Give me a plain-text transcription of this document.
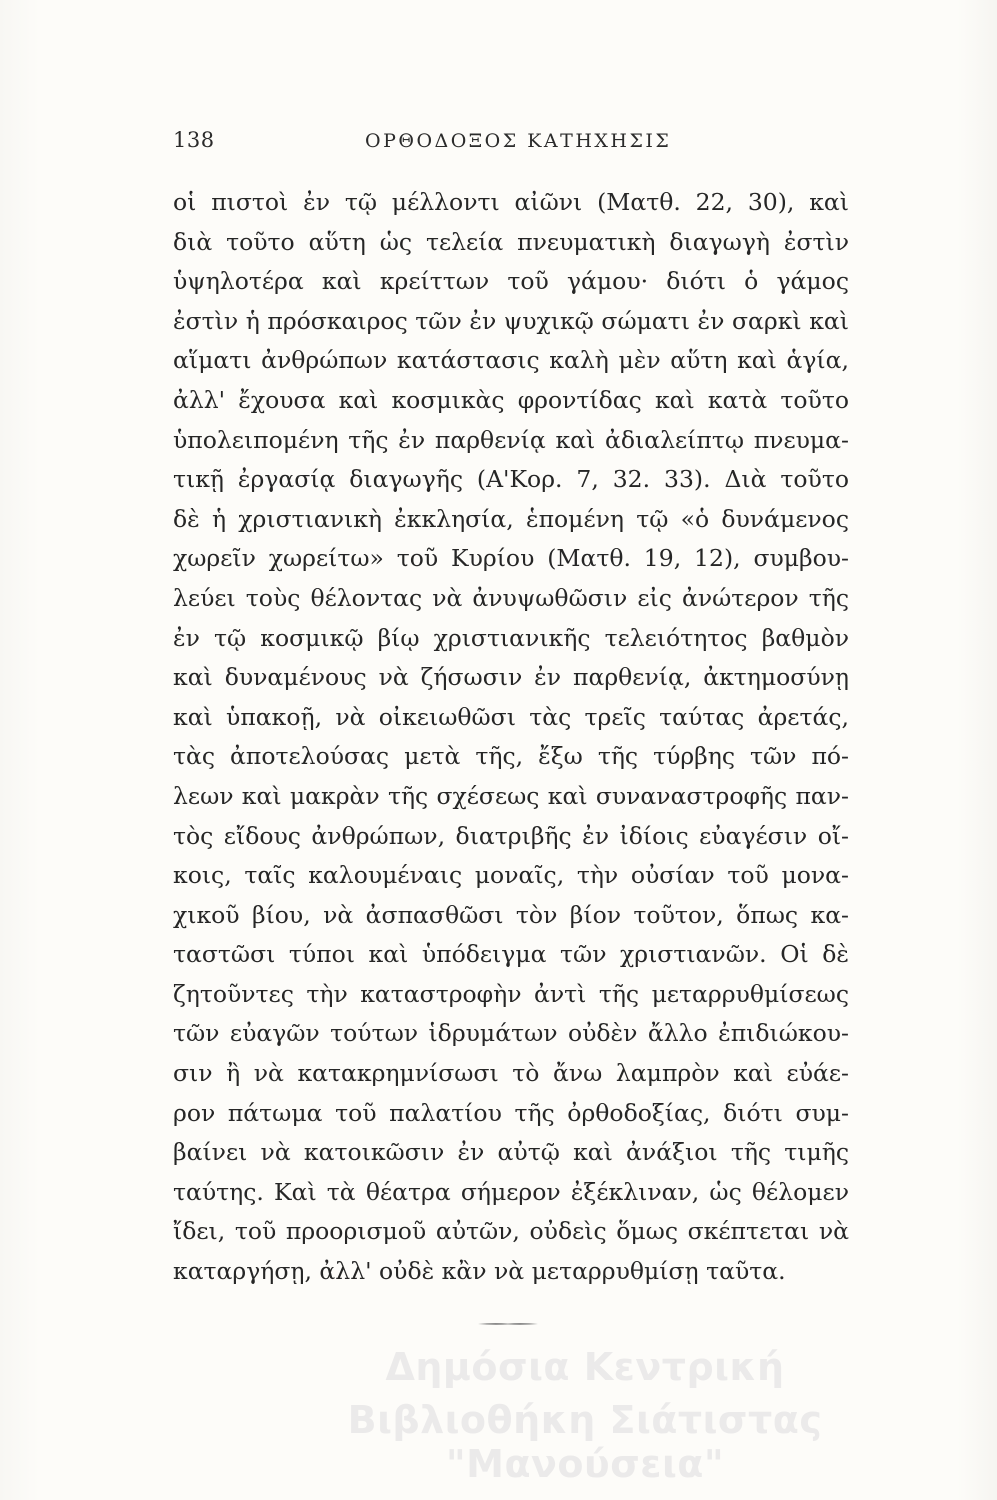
138	ΟΡΘΟΔΟΞΟΣ ΚΑΤΗΧΗΣΙΣ
οἱ πιστοὶ ἐν τῷ μέλλοντι αἰῶνι (Ματθ. 22, 30), καὶ
διὰ τοῦτο αὕτη ὡς τελεία πνευματικὴ διαγωγὴ ἐστὶν
ὑψηλοτέρα καὶ κρείττων τοῦ γάμου· διότι ὁ γάμος
ἐστὶν ἡ πρόσκαιρος τῶν ἐν ψυχικῷ σώματι ἐν σαρκὶ καὶ
αἵματι ἀνθρώπων κατάστασις καλὴ μὲν αὕτη καὶ ἁγία,
ἀλλ' ἔχουσα καὶ κοσμικὰς φροντίδας καὶ κατὰ τοῦτο
ὑπολειπομένη τῆς ἐν παρθενίᾳ καὶ ἀδιαλείπτῳ πνευμα-
τικῇ ἐργασίᾳ διαγωγῆς (Α'Κορ. 7, 32. 33). Διὰ τοῦτο
δὲ ἡ χριστιανικὴ ἐκκλησία, ἑπομένη τῷ «ὁ δυνάμενος
χωρεῖν χωρείτω» τοῦ Κυρίου (Ματθ. 19, 12), συμβου-
λεύει τοὺς θέλοντας νὰ ἀνυψωθῶσιν εἰς ἀνώτερον τῆς
ἐν τῷ κοσμικῷ βίῳ χριστιανικῆς τελειότητος βαθμὸν
καὶ δυναμένους νὰ ζήσωσιν ἐν παρθενίᾳ, ἀκτημοσύνῃ
καὶ ὑπακοῇ, νὰ οἰκειωθῶσι τὰς τρεῖς ταύτας ἀρετάς,
τὰς ἀποτελούσας μετὰ τῆς, ἔξω τῆς τύρβης τῶν πό-
λεων καὶ μακρὰν τῆς σχέσεως καὶ συναναστροφῆς παν-
τὸς εἴδους ἀνθρώπων, διατριβῆς ἐν ἰδίοις εὐαγέσιν οἴ-
κοις, ταῖς καλουμέναις μοναῖς, τὴν οὐσίαν τοῦ μονα-
χικοῦ βίου, νὰ ἀσπασθῶσι τὸν βίον τοῦτον, ὅπως κα-
ταστῶσι τύποι καὶ ὑπόδειγμα τῶν χριστιανῶν. Οἱ δὲ
ζητοῦντες τὴν καταστροφὴν ἀντὶ τῆς μεταρρυθμίσεως
τῶν εὐαγῶν τούτων ἱδρυμάτων οὐδὲν ἄλλο ἐπιδιώκου-
σιν ἢ νὰ κατακρημνίσωσι τὸ ἄνω λαμπρὸν καὶ εὐάε-
ρον πάτωμα τοῦ παλατίου τῆς ὀρθοδοξίας, διότι συμ-
βαίνει νὰ κατοικῶσιν ἐν αὐτῷ καὶ ἀνάξιοι τῆς τιμῆς
ταύτης. Καὶ τὰ θέατρα σήμερον ἐξέκλιναν, ὡς θέλομεν
ἴδει, τοῦ προορισμοῦ αὐτῶν, οὐδεὶς ὅμως σκέπτεται νὰ
καταργήσῃ, ἀλλ' οὐδὲ κἂν νὰ μεταρρυθμίσῃ ταῦτα.
Δημόσια Κεντρική
Βιβλιοθήκη Σιάτιστας "Μανούσεια"
